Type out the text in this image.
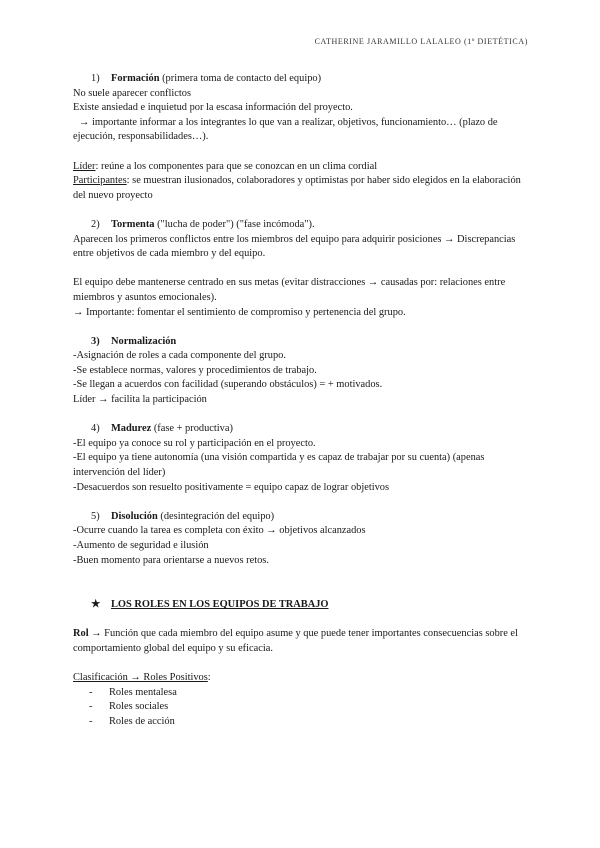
CATHERINE JARAMILLO LALALEO (1º DIETÉTICA)

1) Formación (primera toma de contacto del equipo)

No suele aparecer conflictos

Existe ansiedad e inquietud por la escasa información del proyecto.

→ importante informar a los integrantes lo que van a realizar, objetivos, funcionamiento… (plazo de ejecución, responsabilidades…).

Líder: reúne a los componentes para que se conozcan en un clima cordial

Participantes: se muestran ilusionados, colaboradores y optimistas por haber sido elegidos en la elaboración del nuevo proyecto

2) Tormenta ("lucha de poder") ("fase incómoda").

Aparecen los primeros conflictos entre los miembros del equipo para adquirir posiciones → Discrepancias entre objetivos de cada miembro y del equipo.

El equipo debe mantenerse centrado en sus metas (evitar distracciones → causadas por: relaciones entre miembros y asuntos emocionales).

→ Importante: fomentar el sentimiento de compromiso y pertenencia del grupo.

3) Normalización

-Asignación de roles a cada componente del grupo.

-Se establece normas, valores y procedimientos de trabajo.

-Se llegan a acuerdos con facilidad (superando obstáculos) = + motivados.

Líder → facilita la participación

4) Madurez (fase + productiva)

-El equipo ya conoce su rol y participación en el proyecto.

-El equipo ya tiene autonomía (una visión compartida y es capaz de trabajar por su cuenta) (apenas intervención del líder)

-Desacuerdos son resuelto positivamente = equipo capaz de lograr objetivos

5) Disolución (desintegración del equipo)

-Ocurre cuando la tarea es completa con éxito → objetivos alcanzados

-Aumento de seguridad e ilusión

-Buen momento para orientarse a nuevos retos.

★ LOS ROLES EN LOS EQUIPOS DE TRABAJO

Rol → Función que cada miembro del equipo asume y que puede tener importantes consecuencias sobre el comportamiento global del equipo y su eficacia.

Clasificación → Roles Positivos:

- Roles mentalesa

- Roles sociales

- Roles de acción
